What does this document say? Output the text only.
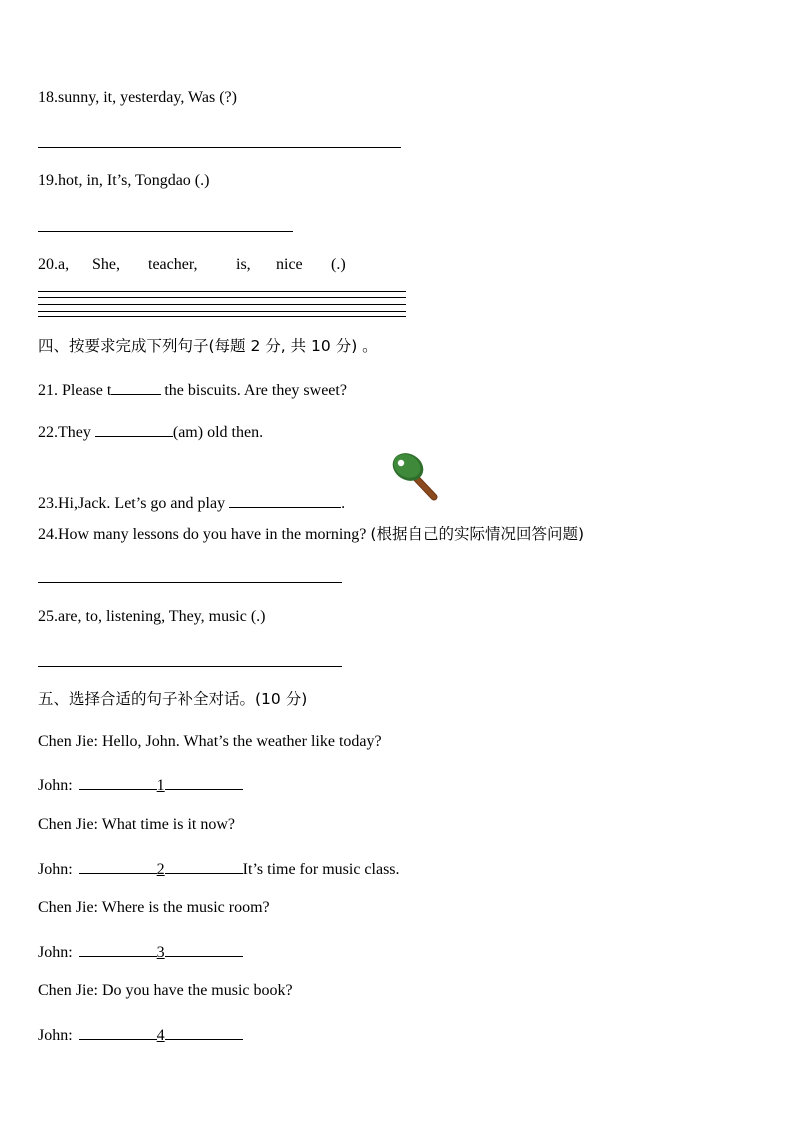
18.sunny, it, yesterday, Was (?)
19.hot, in, It’s, Tongdao (.)
20.a, She, teacher, is, nice (.)
四、按要求完成下列句子(每题 2 分, 共 10 分) 。
21. Please t	the biscuits. Are they sweet?
22.They	(am) old then.
23.Hi,Jack. Let’s go and play	.
24.How many lessons do you have in the morning? (根据自己的实际情况回答问题)
25.are, to, listening, They, music (.)
五、选择合适的句子补全对话。(10 分)
Chen Jie: Hello, John. What’s the weather like today?
John:	1
Chen Jie: What time is it now?
John:	2	It’s time for music class.
Chen Jie: Where is the music room?
John:	3
Chen Jie: Do you have the music book?
John:	4
